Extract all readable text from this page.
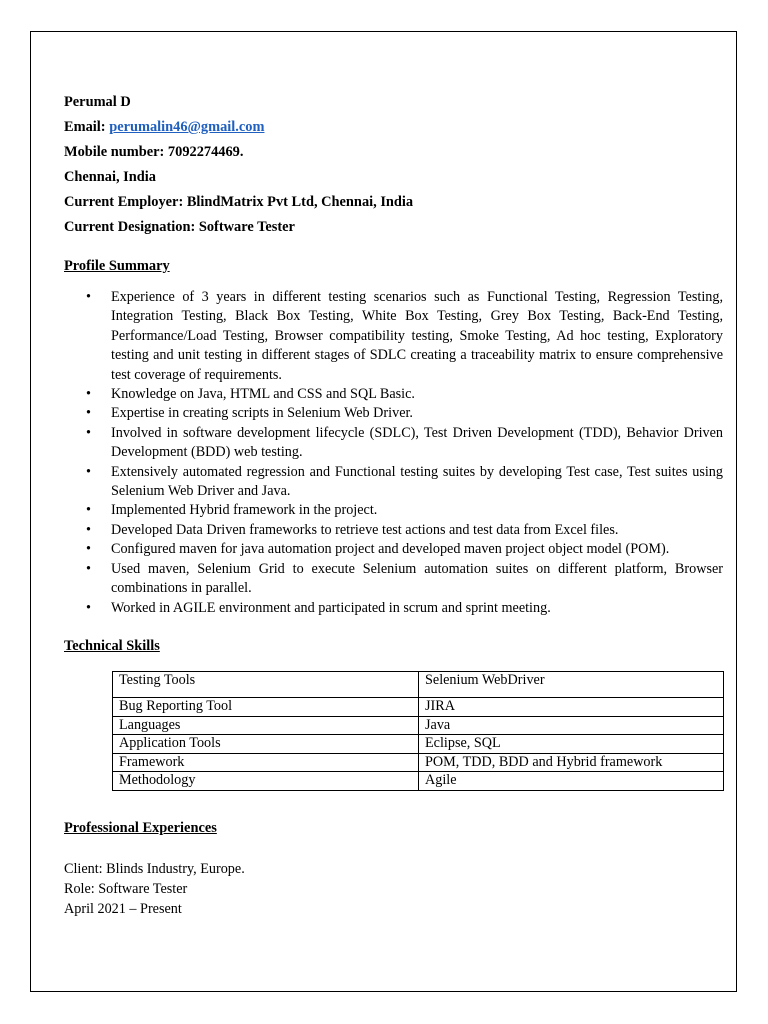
Perumal D
Email: perumalin46@gmail.com
Mobile number: 7092274469.
Chennai, India
Current Employer: BlindMatrix Pvt Ltd, Chennai, India
Current Designation: Software Tester
Profile Summary
• Experience of 3 years in different testing scenarios such as Functional Testing, Regression Testing, Integration Testing, Black Box Testing, White Box Testing, Grey Box Testing, Back-End Testing, Performance/Load Testing, Browser compatibility testing, Smoke Testing, Ad hoc testing, Exploratory testing and unit testing in different stages of SDLC creating a traceability matrix to ensure comprehensive test coverage of requirements.
• Knowledge on Java, HTML and CSS and SQL Basic.
• Expertise in creating scripts in Selenium Web Driver.
• Involved in software development lifecycle (SDLC), Test Driven Development (TDD), Behavior Driven Development (BDD) web testing.
• Extensively automated regression and Functional testing suites by developing Test case, Test suites using Selenium Web Driver and Java.
• Implemented Hybrid framework in the project.
• Developed Data Driven frameworks to retrieve test actions and test data from Excel files.
• Configured maven for java automation project and developed maven project object model (POM).
• Used maven, Selenium Grid to execute Selenium automation suites on different platform, Browser combinations in parallel.
• Worked in AGILE environment and participated in scrum and sprint meeting.
Technical Skills
Testing Tools	Selenium WebDriver
Bug Reporting Tool	JIRA
Languages	Java
Application Tools	Eclipse, SQL
Framework	POM, TDD, BDD and Hybrid framework
Methodology	Agile
Professional Experiences
Client: Blinds Industry, Europe.
Role: Software Tester
April 2021 – Present
